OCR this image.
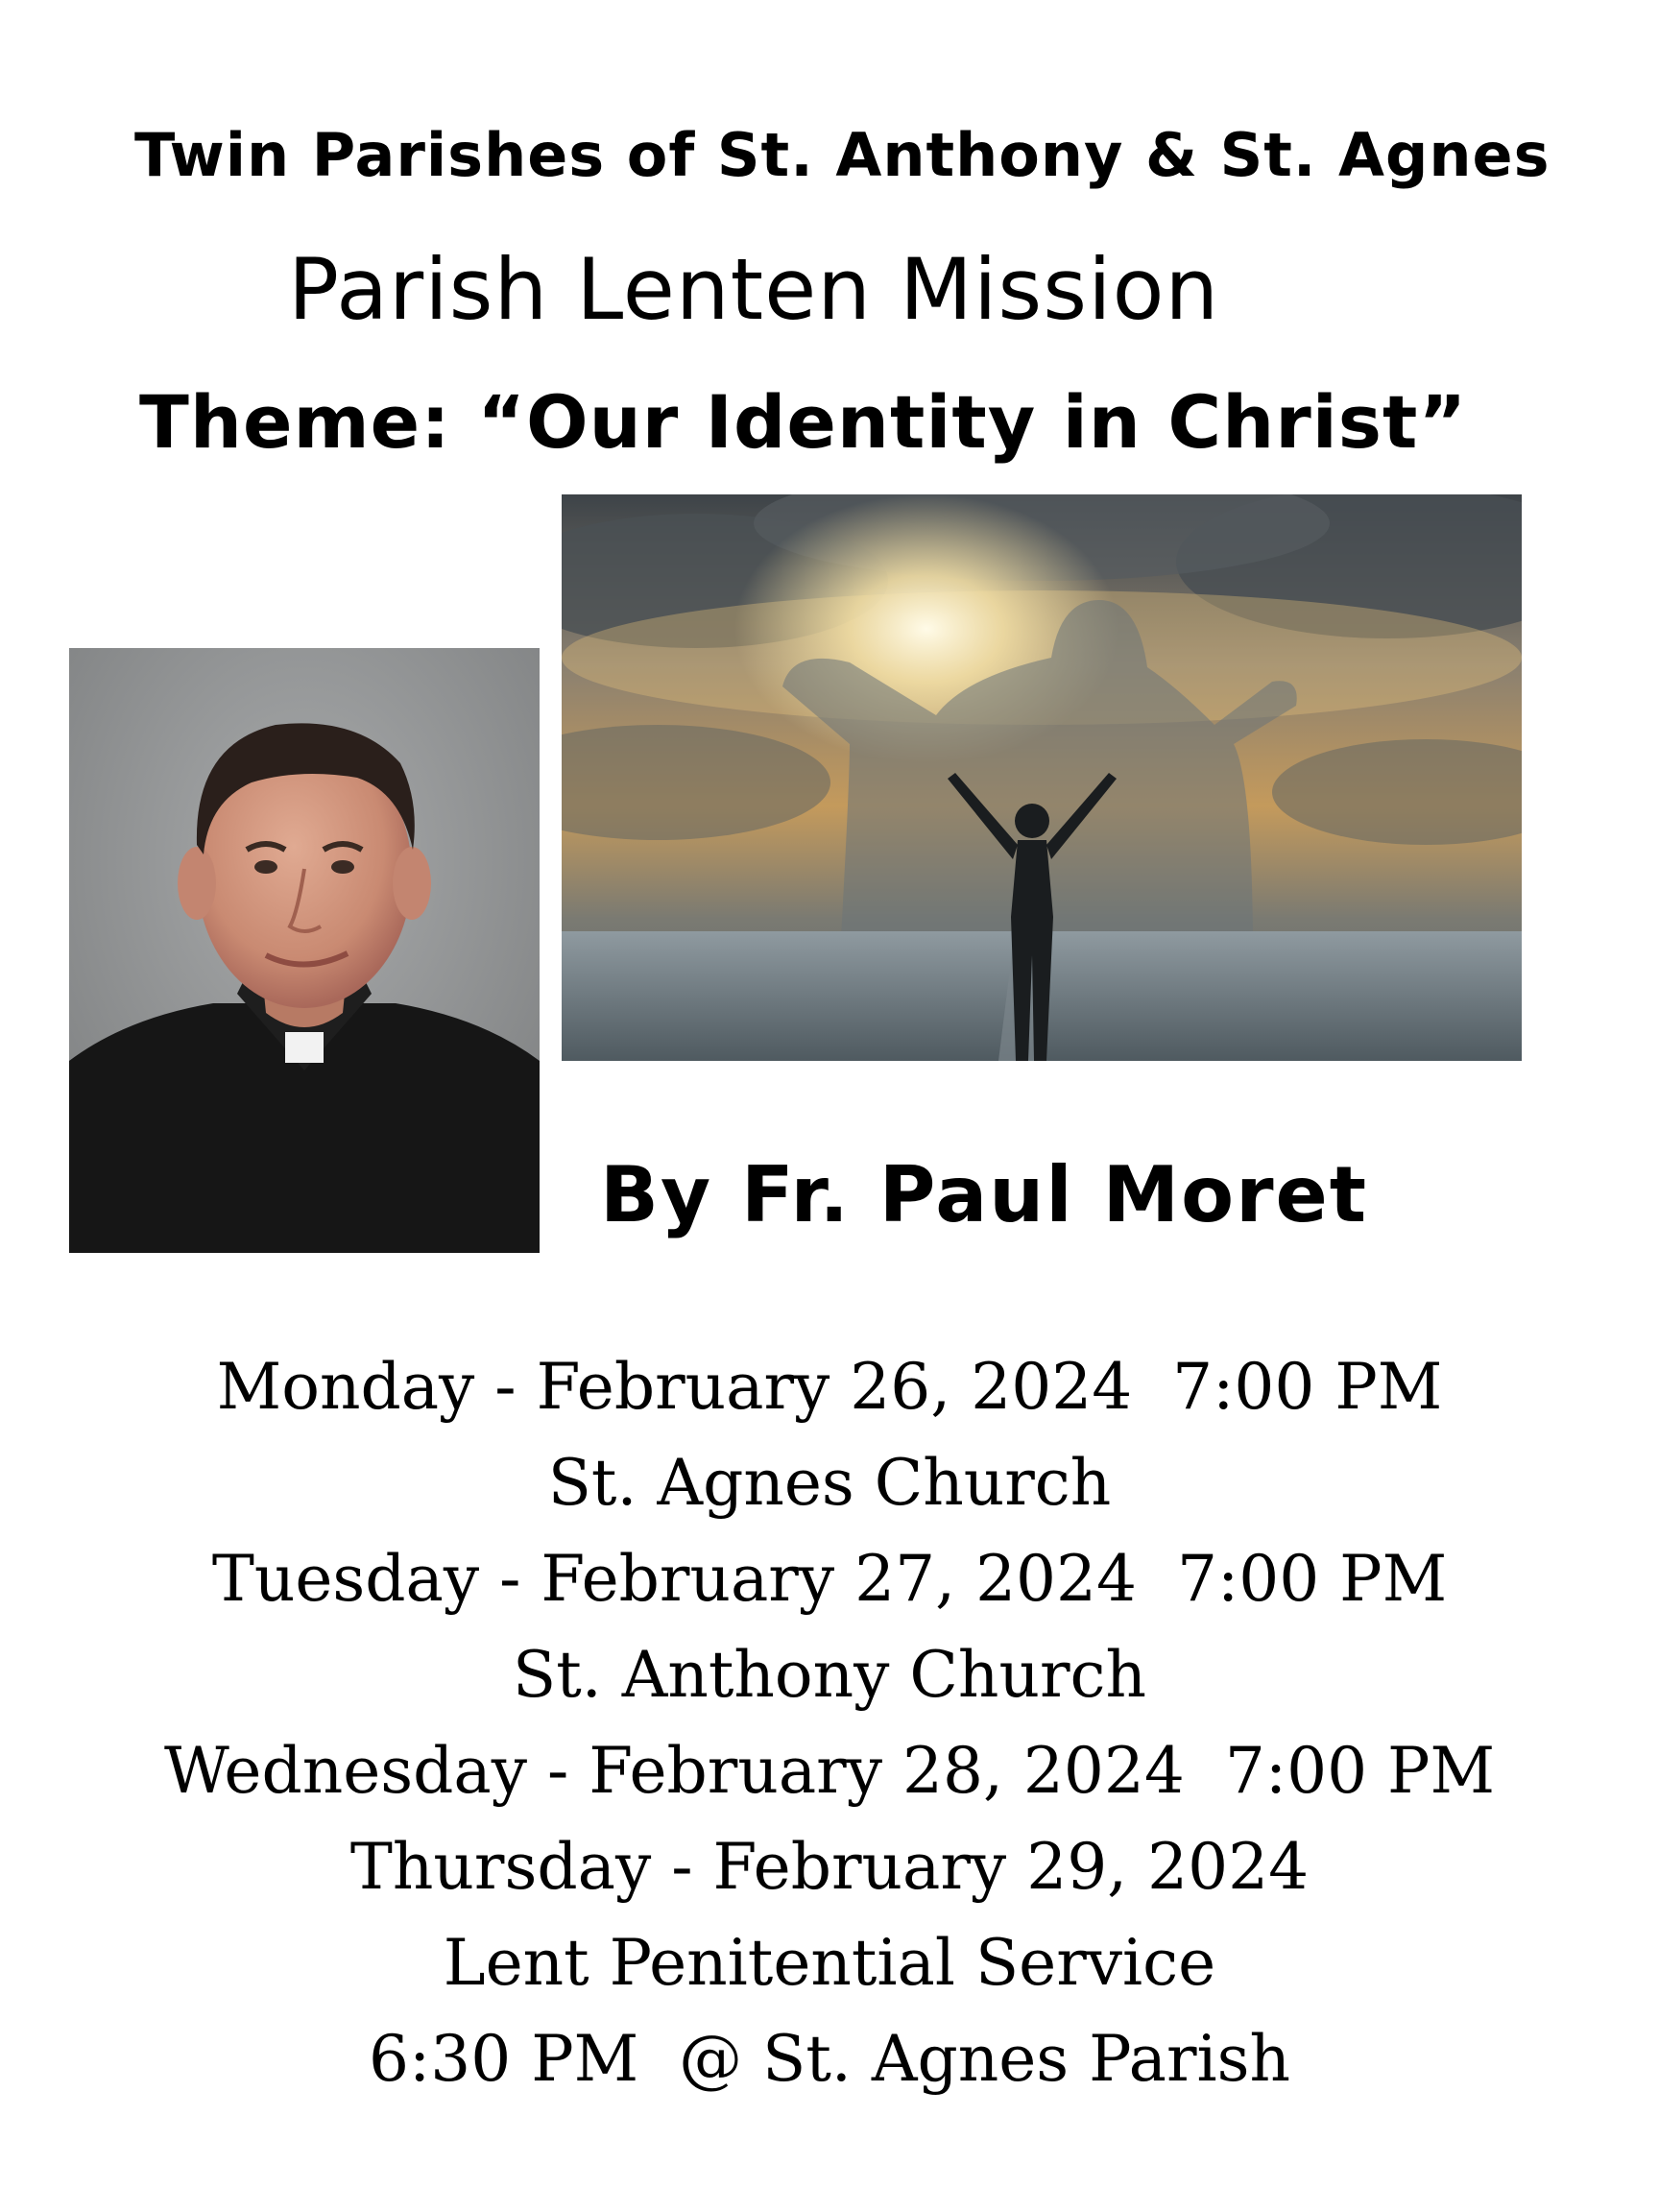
Twin Parishes of St. Anthony & St. Agnes
Parish Lenten Mission
Theme: “Our Identity in Christ”
By Fr. Paul Moret
Monday - February 26, 2024  7:00 PM
St. Agnes Church
Tuesday - February 27, 2024  7:00 PM
St. Anthony Church
Wednesday - February 28, 2024  7:00 PM
Thursday - February 29, 2024
Lent Penitential Service
6:30 PM  @ St. Agnes Parish
